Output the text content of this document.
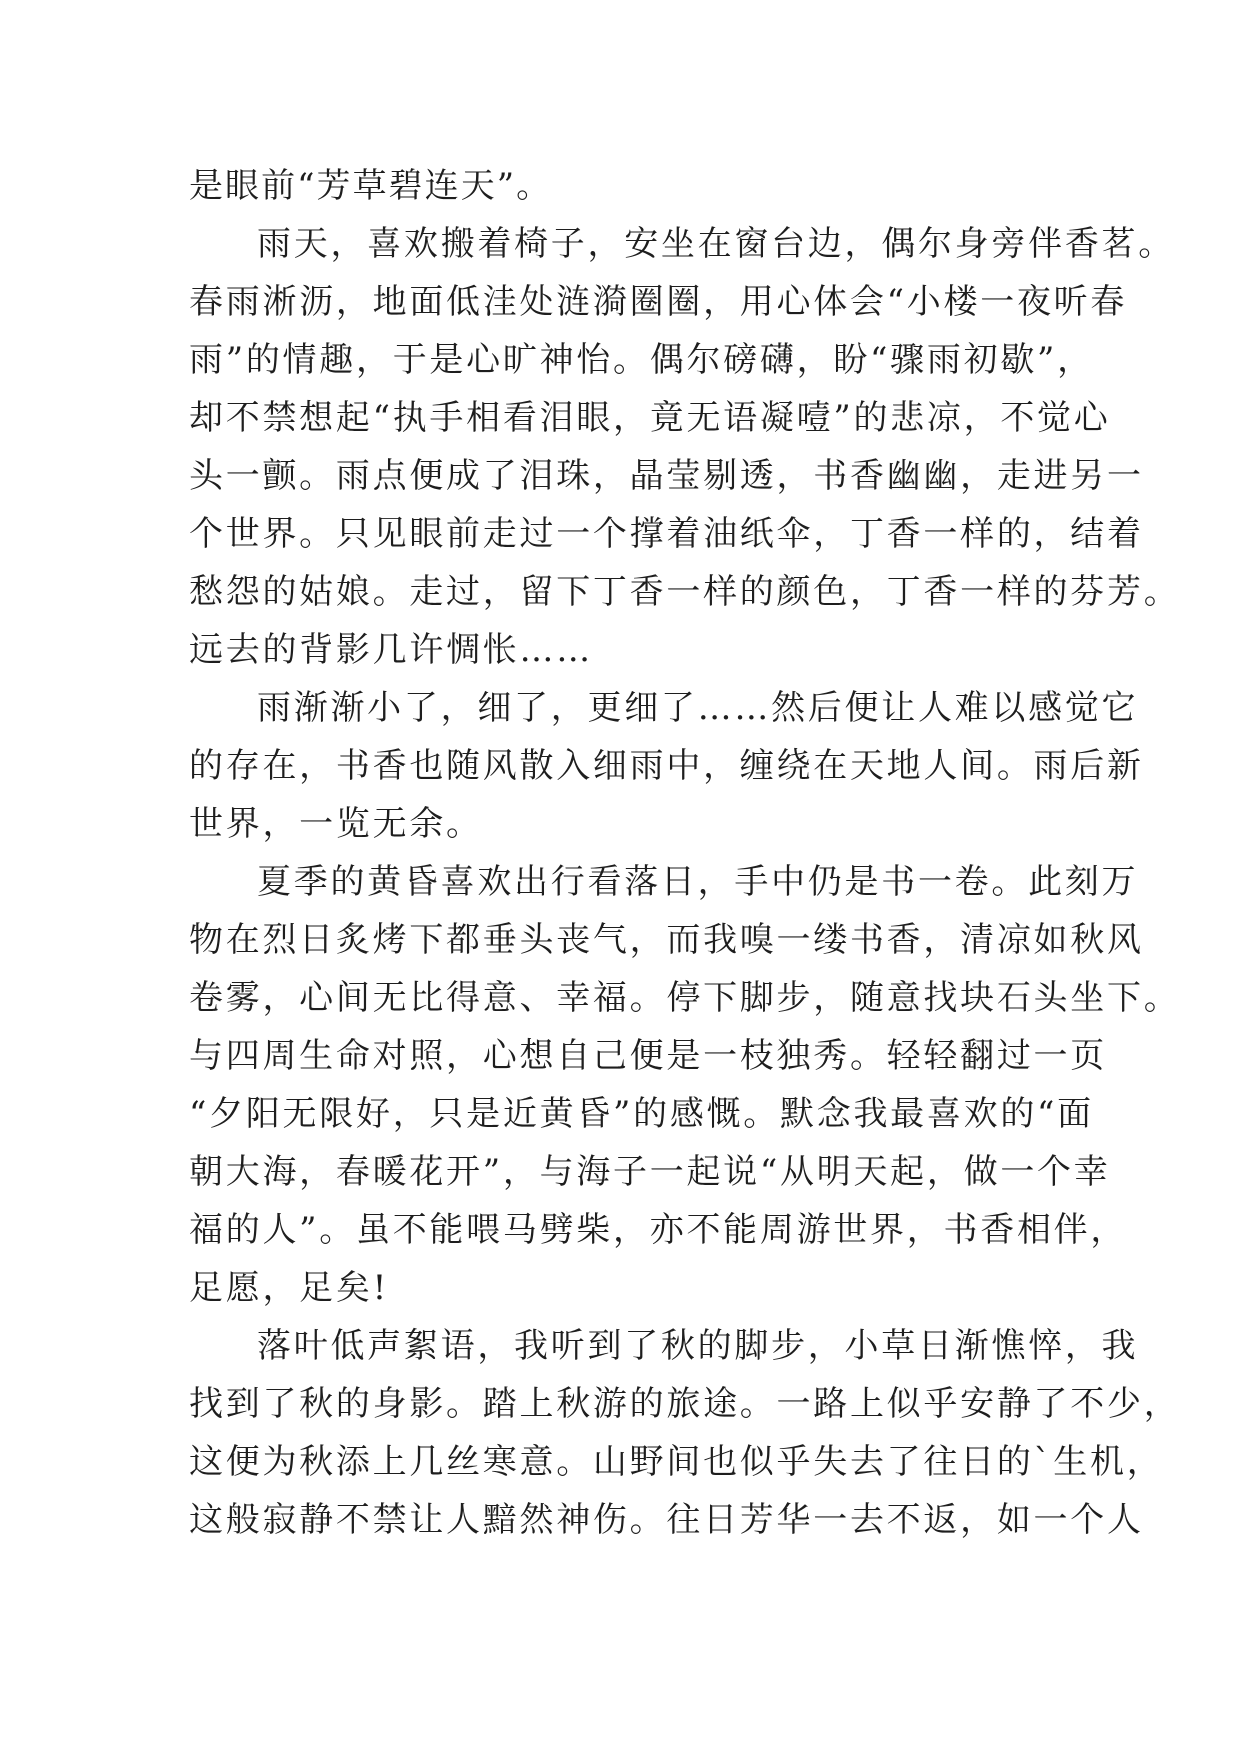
是眼前“芳草碧连天”。
雨天，喜欢搬着椅子，安坐在窗台边，偶尔身旁伴香茗。
春雨淅沥，地面低洼处涟漪圈圈，用心体会“小楼一夜听春
雨”的情趣，于是心旷神怡。偶尔磅礴，盼“骤雨初歇”，
却不禁想起“执手相看泪眼，竟无语凝噎”的悲凉，不觉心
头一颤。雨点便成了泪珠，晶莹剔透，书香幽幽，走进另一
个世界。只见眼前走过一个撑着油纸伞，丁香一样的，结着
愁怨的姑娘。走过，留下丁香一样的颜色，丁香一样的芬芳。
远去的背影几许惆怅……
雨渐渐小了，细了，更细了……然后便让人难以感觉它
的存在，书香也随风散入细雨中，缠绕在天地人间。雨后新
世界，一览无余。
夏季的黄昏喜欢出行看落日，手中仍是书一卷。此刻万
物在烈日炙烤下都垂头丧气，而我嗅一缕书香，清凉如秋风
卷雾，心间无比得意、幸福。停下脚步，随意找块石头坐下。
与四周生命对照，心想自己便是一枝独秀。轻轻翻过一页
“夕阳无限好，只是近黄昏”的感慨。默念我最喜欢的“面
朝大海，春暖花开”，与海子一起说“从明天起，做一个幸
福的人”。虽不能喂马劈柴，亦不能周游世界，书香相伴，
足愿，足矣!
落叶低声絮语，我听到了秋的脚步，小草日渐憔悴，我
找到了秋的身影。踏上秋游的旅途。一路上似乎安静了不少，
这便为秋添上几丝寒意。山野间也似乎失去了往日的`生机，
这般寂静不禁让人黯然神伤。往日芳华一去不返，如一个人
